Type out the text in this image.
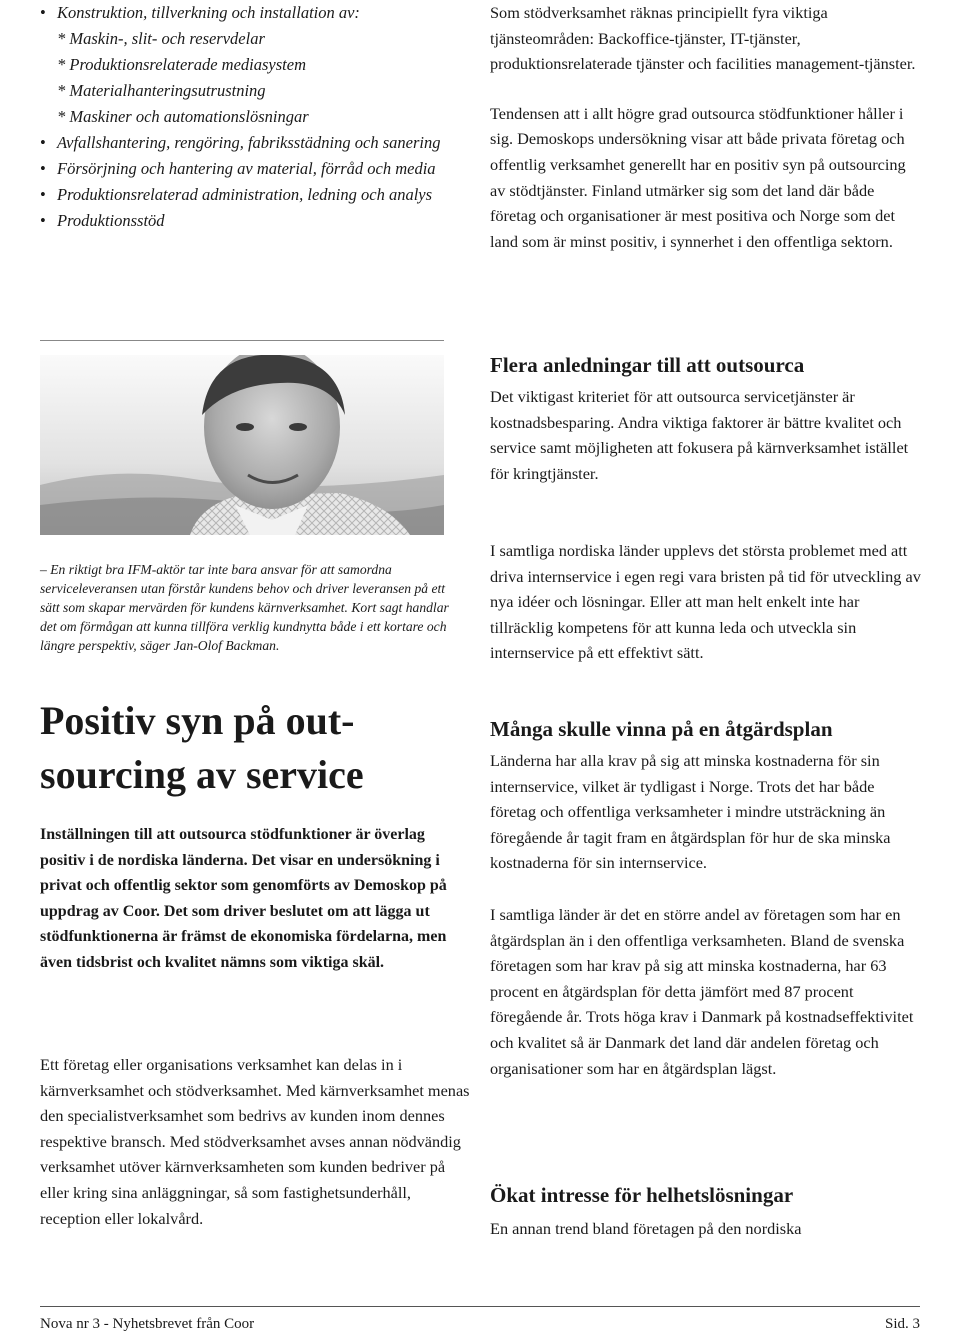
• Konstruktion, tillverkning och installation av:
* Maskin-, slit- och reservdelar
* Produktionsrelaterade mediasystem
* Materialhanteringsutrustning
* Maskiner och automationslösningar
• Avfallshantering, rengöring, fabriksstädning och sanering
• Försörjning och hantering av material, förråd och media
• Produktionsrelaterad administration, ledning och analys
• Produktionsstöd
– En riktigt bra IFM-aktör tar inte bara ansvar för att samordna serviceleveransen utan förstår kundens behov och driver leveransen på ett sätt som skapar mervärden för kundens kärnverksamhet. Kort sagt handlar det om förmågan att kunna tillföra verklig kundnytta både i ett kortare och längre perspektiv, säger Jan-Olof Backman.
Positiv syn på out-
sourcing av service
Inställningen till att outsourca stödfunktioner är överlag positiv i de nordiska länderna. Det visar en undersökning i privat och offentlig sektor som genomförts av Demoskop på uppdrag av Coor. Det som driver beslutet om att lägga ut stödfunktionerna är främst de ekonomiska fördelarna, men även tidsbrist och kvalitet nämns som viktiga skäl.

Ett företag eller organisations verksamhet kan delas in i kärnverksamhet och stödverksamhet. Med kärnverksamhet menas den specialistverksamhet som bedrivs av kunden inom dennes respektive bransch. Med stödverksamhet avses annan nödvändig verksamhet utöver kärnverksamheten som kunden bedriver på eller kring sina anläggningar, så som fastighetsunderhåll, reception eller lokalvård.

Som stödverksamhet räknas principiellt fyra viktiga tjänsteområden: Backoffice-tjänster, IT-tjänster, produktionsrelaterade tjänster och facilities management-tjänster.

Tendensen att i allt högre grad outsourca stödfunktioner håller i sig. Demoskops undersökning visar att både privata företag och offentlig verksamhet generellt har en positiv syn på outsourcing av stödtjänster. Finland utmärker sig som det land där både företag och organisationer är mest positiva och Norge som det land som är minst positiv, i synnerhet i den offentliga sektorn.

Flera anledningar till att outsourca

Det viktigast kriteriet för att outsourca servicetjänster är kostnadsbesparing. Andra viktiga faktorer är bättre kvalitet och service samt möjligheten att fokusera på kärnverksamhet istället för kringtjänster.

I samtliga nordiska länder upplevs det största problemet med att driva internservice i egen regi vara bristen på tid för utveckling av nya idéer och lösningar. Eller att man helt enkelt inte har tillräcklig kompetens för att kunna leda och utveckla sin internservice på ett effektivt sätt.

Många skulle vinna på en åtgärdsplan

Länderna har alla krav på sig att minska kostnaderna för sin internservice, vilket är tydligast i Norge. Trots det har både företag och offentliga verksamheter i mindre utsträckning än föregående år tagit fram en åtgärdsplan för hur de ska minska kostnaderna för sin internservice.

I samtliga länder är det en större andel av företagen som har en åtgärdsplan än i den offentliga verksamheten. Bland de svenska företagen som har krav på sig att minska kostnaderna, har 63 procent en åtgärdsplan för detta jämfört med 87 procent föregående år. Trots höga krav i Danmark på kostnadseffektivitet och kvalitet så är Danmark det land där andelen företag och organisationer som har en åtgärdsplan lägst.

Ökat intresse för helhetslösningar

En annan trend bland företagen på den nordiska

Nova nr 3 - Nyhetsbrevet från Coor	Sid. 3
